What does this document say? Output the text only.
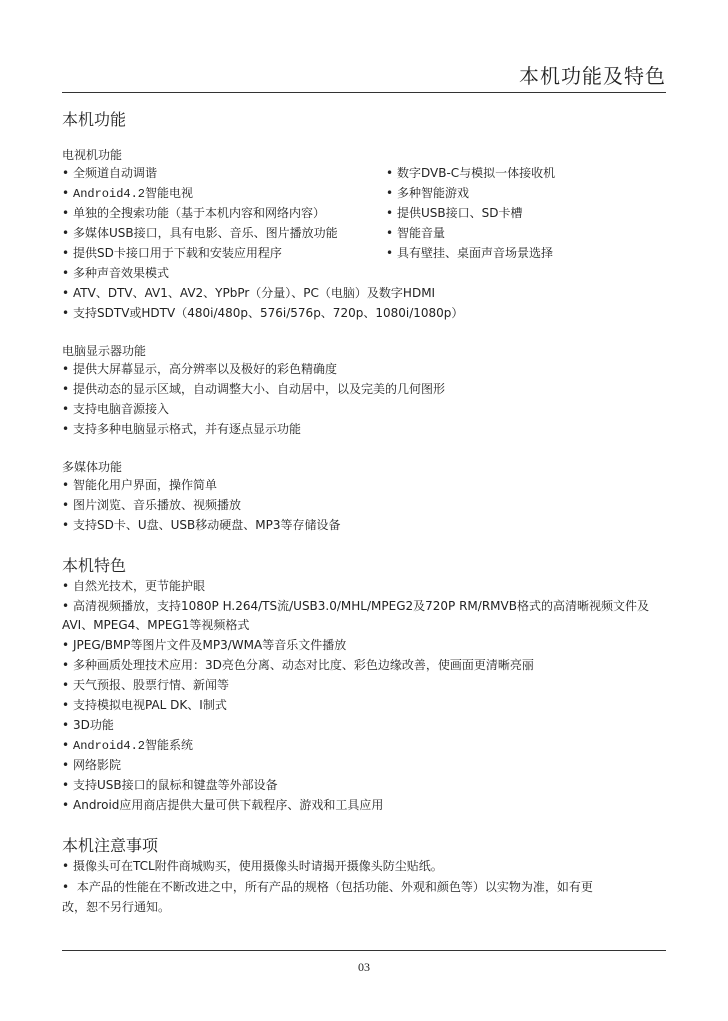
本机功能及特色
本机功能
电视机功能
• 全频道自动调谐
• Android4.2智能电视
• 单独的全搜索功能（基于本机内容和网络内容）
• 多媒体USB接口，具有电影、音乐、图片播放功能
• 提供SD卡接口用于下载和安装应用程序
• 多种声音效果模式
• ATV、DTV、AV1、AV2、YPbPr（分量）、PC（电脑）及数字HDMI
• 支持SDTV或HDTV（480i/480p、576i/576p、720p、1080i/1080p）
• 数字DVB-C与模拟一体接收机
• 多种智能游戏
• 提供USB接口、SD卡槽
• 智能音量
• 具有壁挂、桌面声音场景选择
电脑显示器功能
• 提供大屏幕显示，高分辨率以及极好的彩色精确度
• 提供动态的显示区域，自动调整大小、自动居中，以及完美的几何图形
• 支持电脑音源接入
• 支持多种电脑显示格式，并有逐点显示功能
多媒体功能
• 智能化用户界面，操作简单
• 图片浏览、音乐播放、视频播放
• 支持SD卡、U盘、USB移动硬盘、MP3等存储设备
本机特色
• 自然光技术，更节能护眼
• 高清视频播放，支持1080P H.264/TS流/USB3.0/MHL/MPEG2及720P RM/RMVB格式的高清晰视频文件及
AVI、MPEG4、MPEG1等视频格式
• JPEG/BMP等图片文件及MP3/WMA等音乐文件播放
• 多种画质处理技术应用：3D亮色分离、动态对比度、彩色边缘改善，使画面更清晰亮丽
• 天气预报、股票行情、新闻等
• 支持模拟电视PAL DK、I制式
• 3D功能
• Android4.2智能系统
• 网络影院
• 支持USB接口的鼠标和键盘等外部设备
• Android应用商店提供大量可供下载程序、游戏和工具应用
本机注意事项
• 摄像头可在TCL附件商城购买，使用摄像头时请揭开摄像头防尘贴纸。
• 本产品的性能在不断改进之中，所有产品的规格（包括功能、外观和颜色等）以实物为准，如有更
改，恕不另行通知。
03
